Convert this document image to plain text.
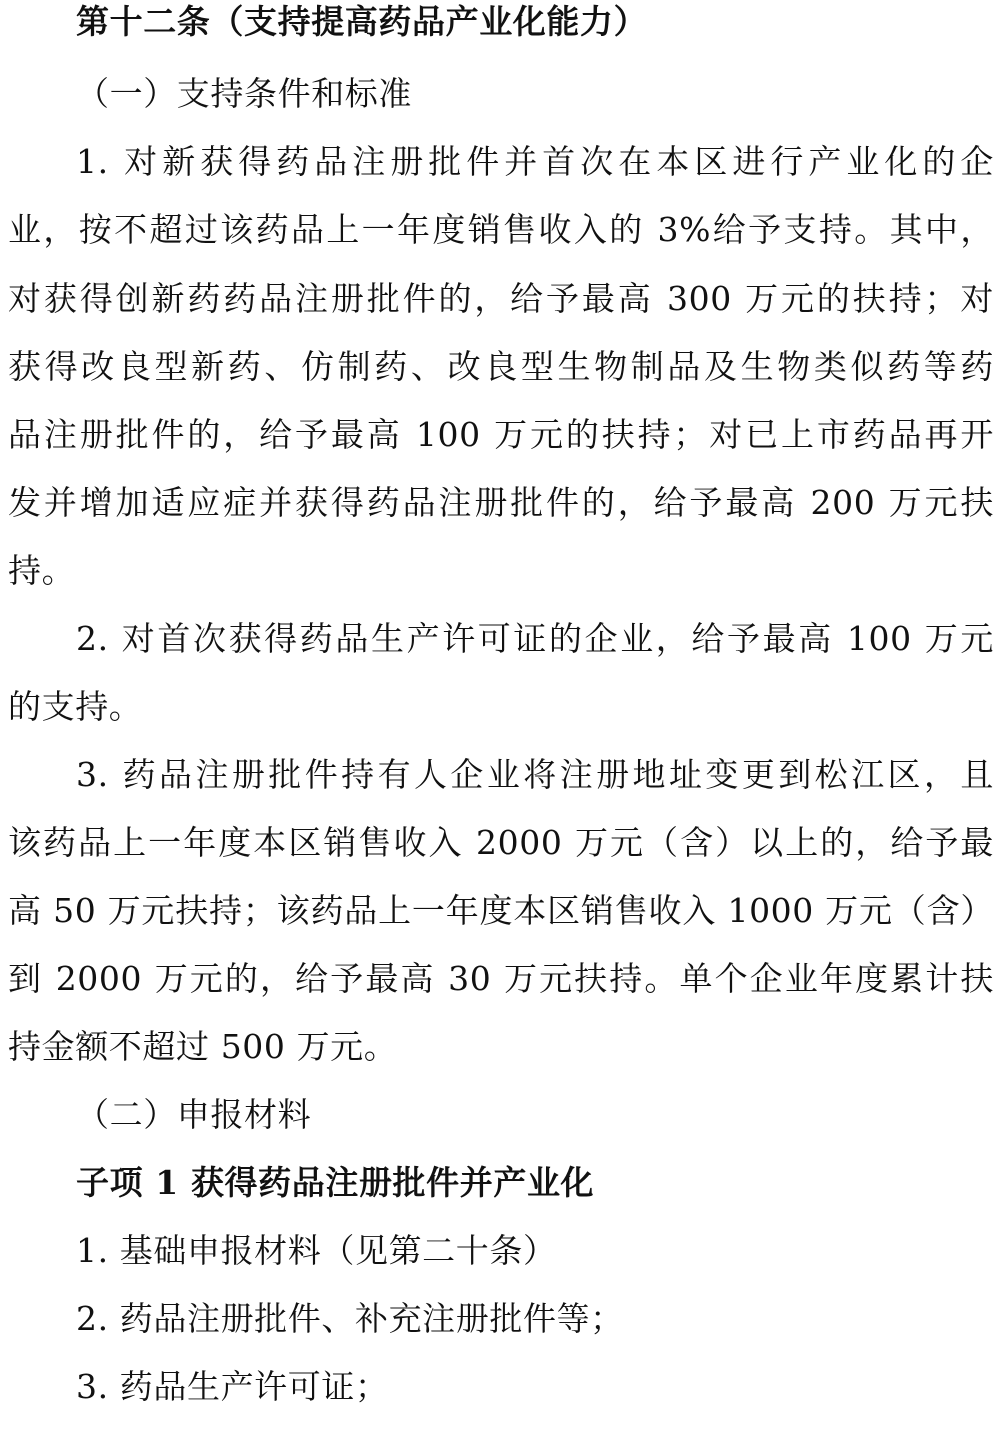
第十二条（支持提高药品产业化能力）
（一）支持条件和标准
1. 对新获得药品注册批件并首次在本区进行产业化的企
业，按不超过该药品上一年度销售收入的 3%给予支持。其中，
对获得创新药药品注册批件的，给予最高 300 万元的扶持；对
获得改良型新药、仿制药、改良型生物制品及生物类似药等药
品注册批件的，给予最高 100 万元的扶持；对已上市药品再开
发并增加适应症并获得药品注册批件的，给予最高 200 万元扶
持。
2. 对首次获得药品生产许可证的企业，给予最高 100 万元
的支持。
3. 药品注册批件持有人企业将注册地址变更到松江区，且
该药品上一年度本区销售收入 2000 万元（含）以上的，给予最
高 50 万元扶持；该药品上一年度本区销售收入 1000 万元（含）
到 2000 万元的，给予最高 30 万元扶持。单个企业年度累计扶
持金额不超过 500 万元。
（二）申报材料
子项 1 获得药品注册批件并产业化
1. 基础申报材料（见第二十条）
2. 药品注册批件、补充注册批件等；
3. 药品生产许可证；
